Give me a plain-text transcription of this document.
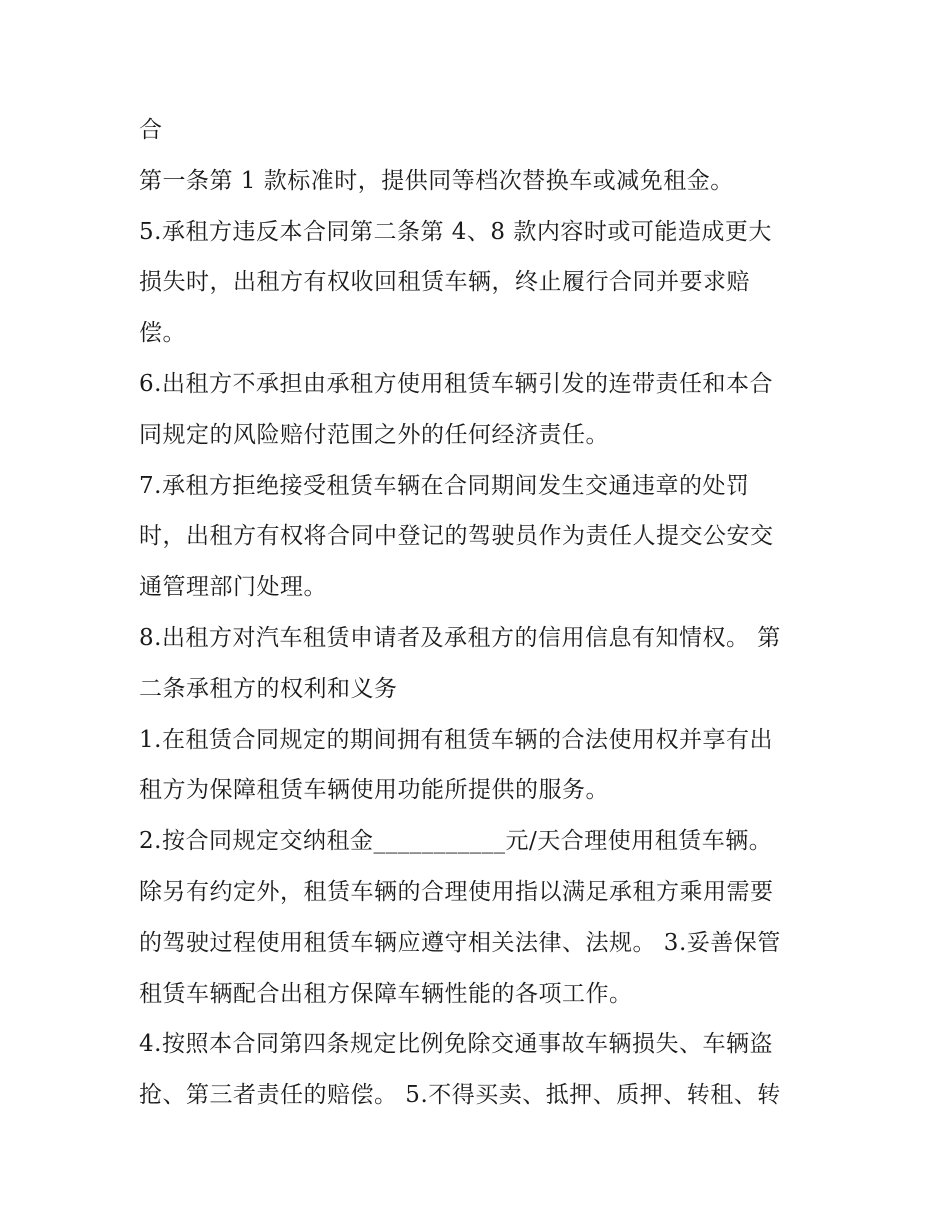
合
第一条第 1 款标准时，提供同等档次替换车或减免租金。
5.承租方违反本合同第二条第 4、8 款内容时或可能造成更大
损失时，出租方有权收回租赁车辆，终止履行合同并要求赔
偿。
6.出租方不承担由承租方使用租赁车辆引发的连带责任和本合
同规定的风险赔付范围之外的任何经济责任。
7.承租方拒绝接受租赁车辆在合同期间发生交通违章的处罚
时，出租方有权将合同中登记的驾驶员作为责任人提交公安交
通管理部门处理。
8.出租方对汽车租赁申请者及承租方的信用信息有知情权。 第
二条承租方的权利和义务
1.在租赁合同规定的期间拥有租赁车辆的合法使用权并享有出
租方为保障租赁车辆使用功能所提供的服务。
2.按合同规定交纳租金___________元/天合理使用租赁车辆。
除另有约定外，租赁车辆的合理使用指以满足承租方乘用需要
的驾驶过程使用租赁车辆应遵守相关法律、法规。 3.妥善保管
租赁车辆配合出租方保障车辆性能的各项工作。
4.按照本合同第四条规定比例免除交通事故车辆损失、车辆盗
抢、第三者责任的赔偿。 5.不得买卖、抵押、质押、转租、转
